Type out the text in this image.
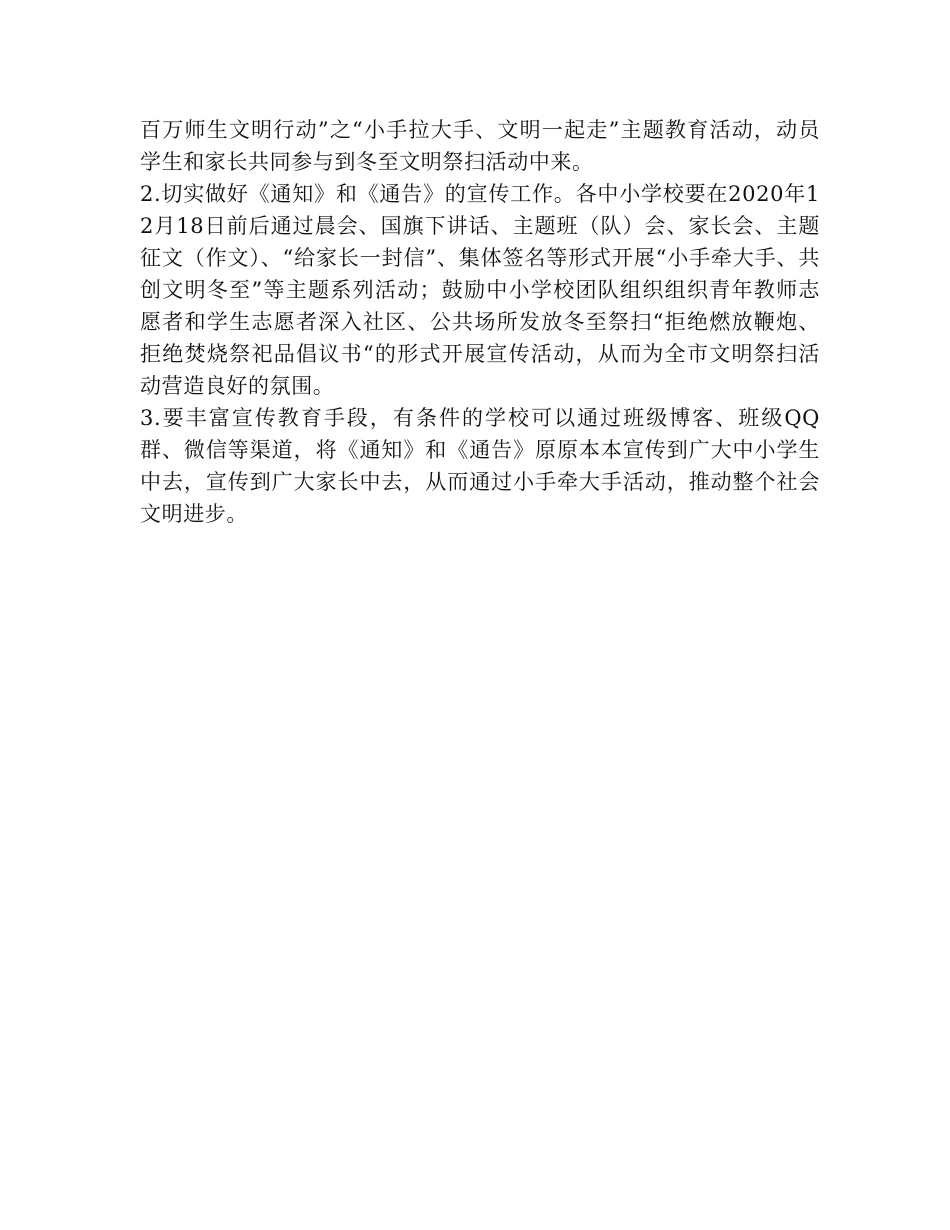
百万师生文明行动”之“小手拉大手、文明一起走”主题教育活动，动员学生和家长共同参与到冬至文明祭扫活动中来。

2.切实做好《通知》和《通告》的宣传工作。各中小学校要在2020年12月18日前后通过晨会、国旗下讲话、主题班（队）会、家长会、主题征文（作文）、“给家长一封信”、集体签名等形式开展“小手牵大手、共创文明冬至”等主题系列活动；鼓励中小学校团队组织组织青年教师志愿者和学生志愿者深入社区、公共场所发放冬至祭扫“拒绝燃放鞭炮、拒绝焚烧祭祀品倡议书“的形式开展宣传活动，从而为全市文明祭扫活动营造良好的氛围。

3.要丰富宣传教育手段，有条件的学校可以通过班级博客、班级QQ群、微信等渠道，将《通知》和《通告》原原本本宣传到广大中小学生中去，宣传到广大家长中去，从而通过小手牵大手活动，推动整个社会文明进步。
